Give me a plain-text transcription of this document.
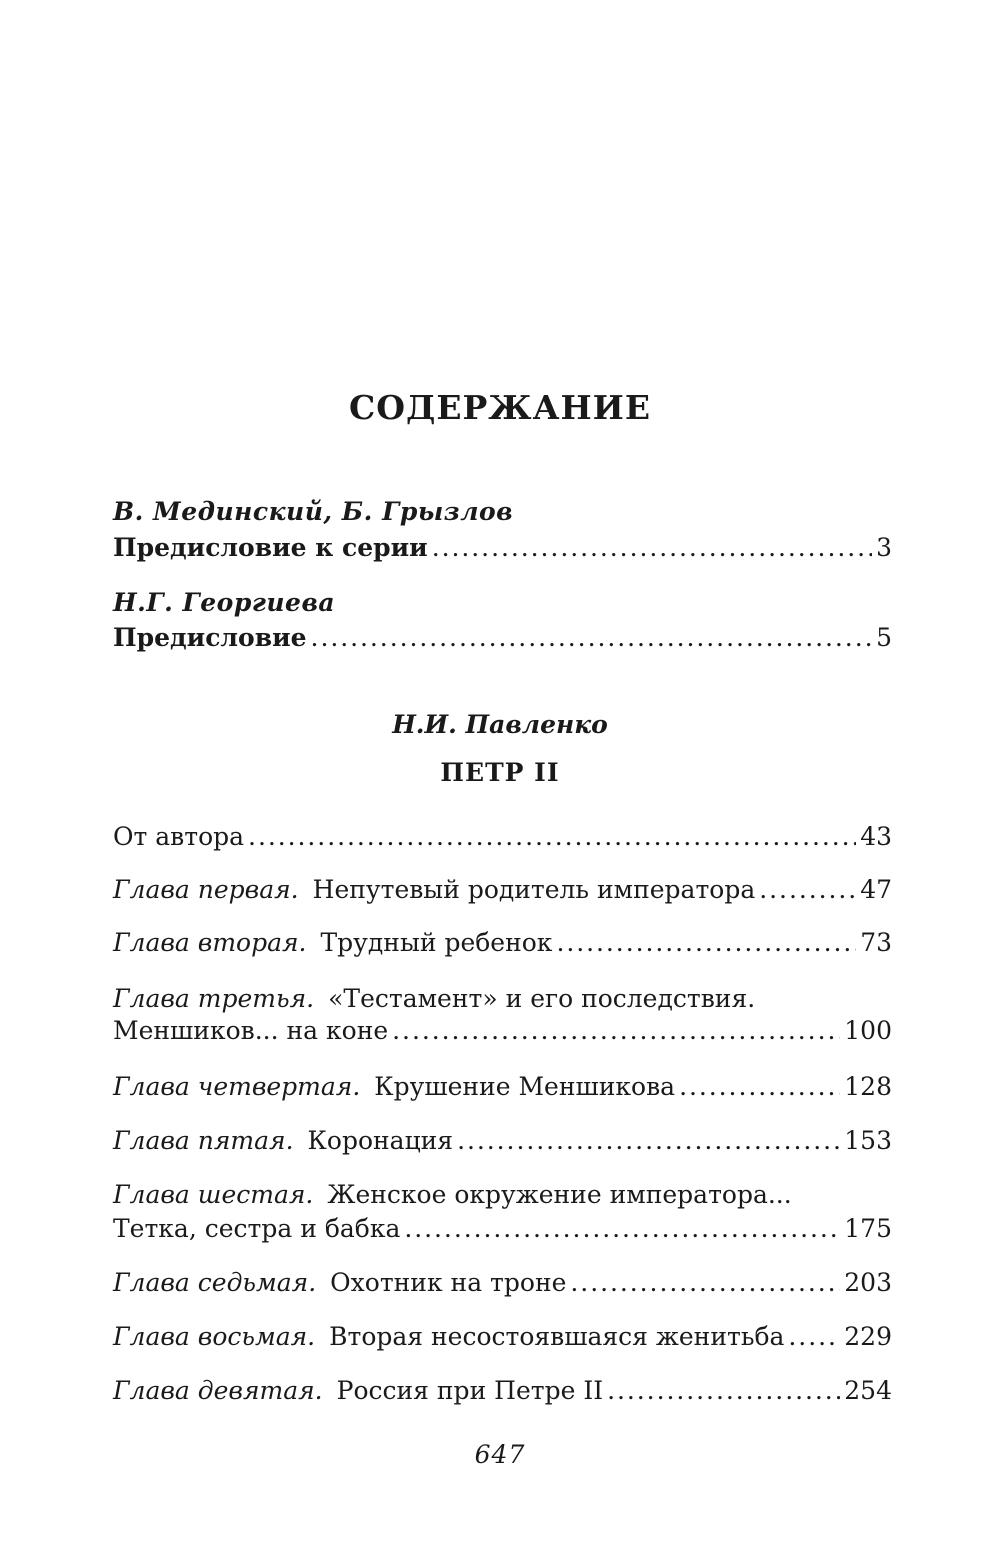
СОДЕРЖАНИЕ
В. Мединский, Б. Грызлов
Предисловие к серии . . .	3
Н.Г. Георгиева
Предисловие . . .	5
Н.И. Павленко
ПЕТР II
От автора . . .	43
Глава первая. Непутевый родитель императора . . .	47
Глава вторая. Трудный ребенок . . .	73
Глава третья. «Тестамент» и его последствия.
Меншиков... на коне . . .	100
Глава четвертая. Крушение Меншикова . . .	128
Глава пятая. Коронация . . .	153
Глава шестая. Женское окружение императора...
Тетка, сестра и бабка . . .	175
Глава седьмая. Охотник на троне . . .	203
Глава восьмая. Вторая несостоявшаяся женитьба . . . 229
Глава девятая. Россия при Петре II . . .	254
647
